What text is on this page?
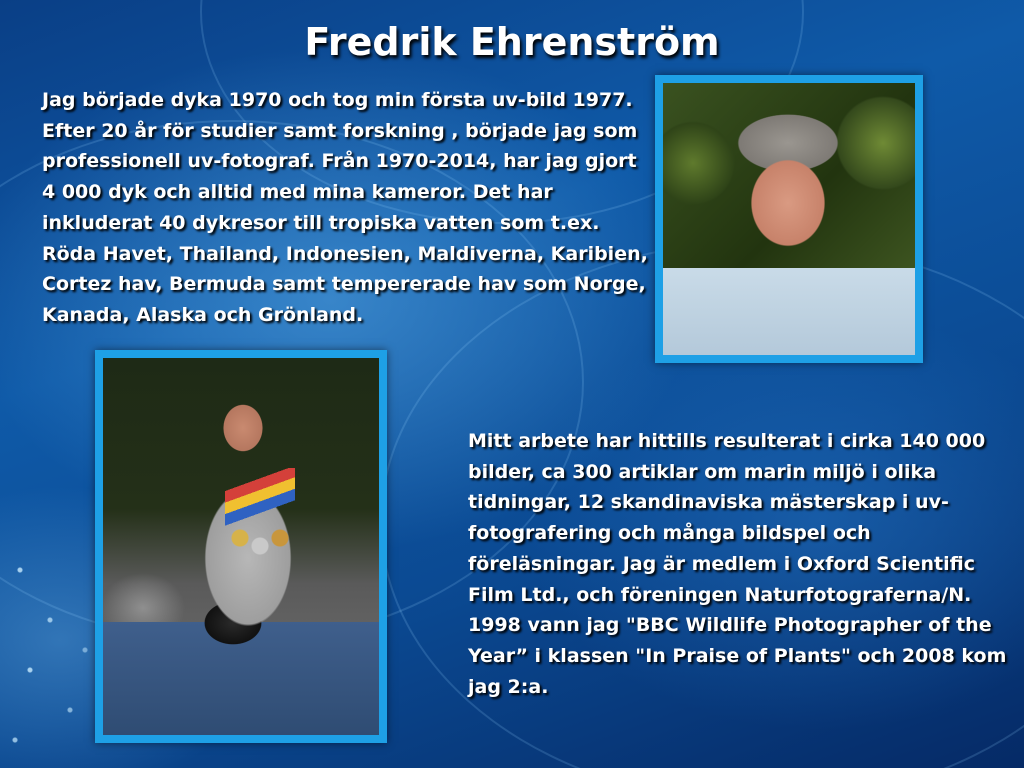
Fredrik Ehrenström
Jag började dyka 1970 och tog min första uv-bild 1977. Efter 20 år för studier samt forskning , började jag som professionell uv-fotograf. Från 1970-2014, har jag gjort 4 000 dyk och alltid med mina kameror. Det har inkluderat 40 dykresor till tropiska vatten som t.ex. Röda Havet, Thailand, Indonesien, Maldiverna, Karibien, Cortez hav, Bermuda samt tempererade hav som Norge, Kanada, Alaska och Grönland.
Mitt arbete har hittills resulterat i cirka 140 000 bilder, ca 300 artiklar om marin miljö i olika tidningar, 12 skandinaviska mästerskap i uv-fotografering och många bildspel och föreläsningar. Jag är medlem i Oxford Scientific Film Ltd., och föreningen Naturfotograferna/N. 1998 vann jag "BBC Wildlife Photographer of the Year” i klassen "In Praise of Plants" och 2008 kom jag 2:a.
